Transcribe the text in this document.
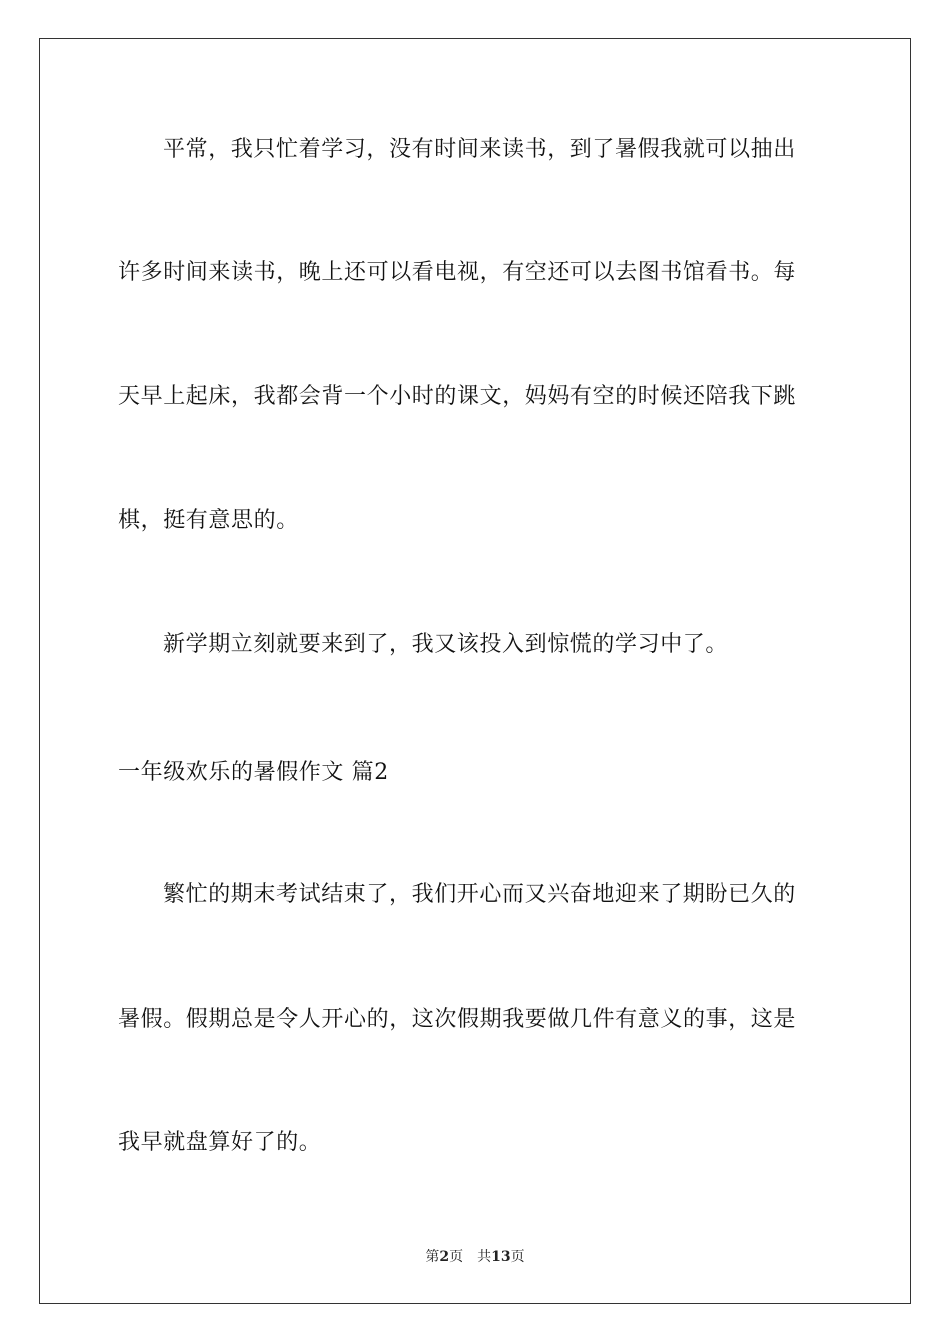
平常，我只忙着学习，没有时间来读书，到了暑假我就可以抽出
许多时间来读书，晚上还可以看电视，有空还可以去图书馆看书。每
天早上起床，我都会背一个小时的课文，妈妈有空的时候还陪我下跳
棋，挺有意思的。
新学期立刻就要来到了，我又该投入到惊慌的学习中了。
一年级欢乐的暑假作文 篇2
繁忙的期末考试结束了，我们开心而又兴奋地迎来了期盼已久的
暑假。假期总是令人开心的，这次假期我要做几件有意义的事，这是
我早就盘算好了的。
第2页 共13页
